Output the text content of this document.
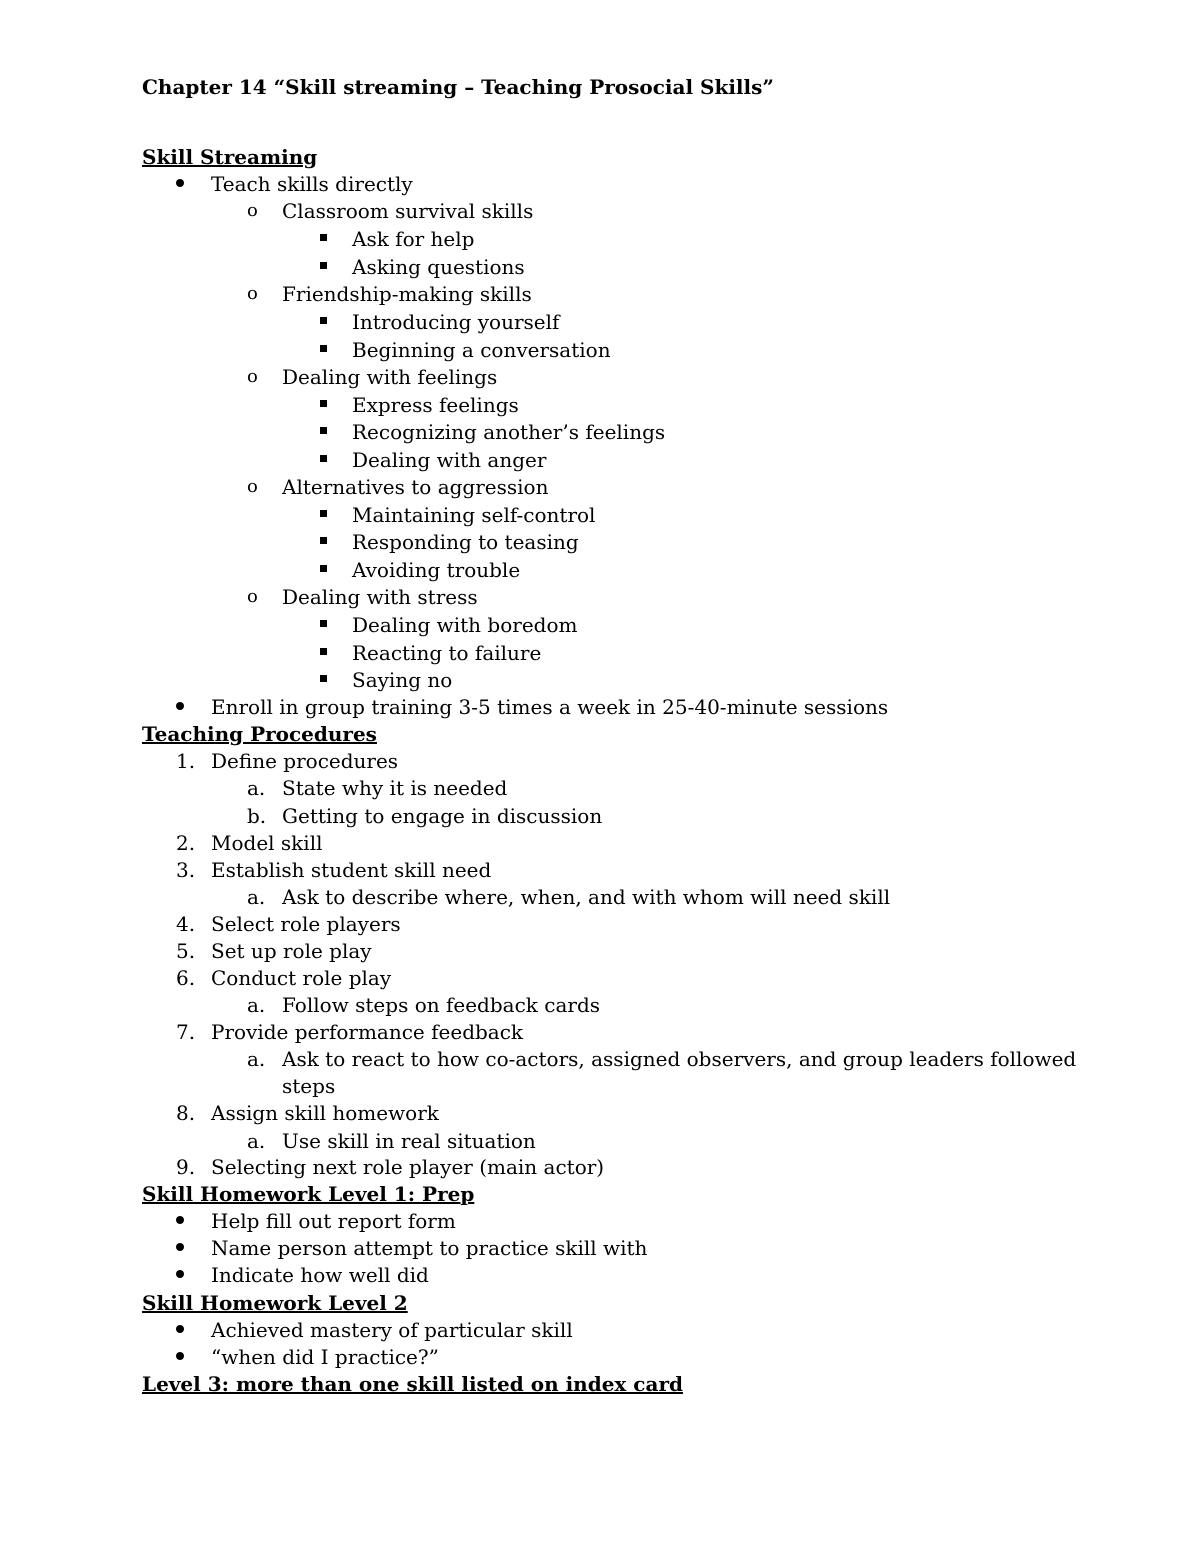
Chapter 14 “Skill streaming – Teaching Prosocial Skills”
Skill Streaming
Teach skills directly
o Classroom survival skills
Ask for help
Asking questions
o Friendship-making skills
Introducing yourself
Beginning a conversation
o Dealing with feelings
Express feelings
Recognizing another’s feelings
Dealing with anger
o Alternatives to aggression
Maintaining self-control
Responding to teasing
Avoiding trouble
o Dealing with stress
Dealing with boredom
Reacting to failure
Saying no
Enroll in group training 3-5 times a week in 25-40-minute sessions
Teaching Procedures
1. Define procedures
a. State why it is needed
b. Getting to engage in discussion
2. Model skill
3. Establish student skill need
a. Ask to describe where, when, and with whom will need skill
4. Select role players
5. Set up role play
6. Conduct role play
a. Follow steps on feedback cards
7. Provide performance feedback
a. Ask to react to how co-actors, assigned observers, and group leaders followed
steps
8. Assign skill homework
a. Use skill in real situation
9. Selecting next role player (main actor)
Skill Homework Level 1: Prep
Help fill out report form
Name person attempt to practice skill with
Indicate how well did
Skill Homework Level 2
Achieved mastery of particular skill
“when did I practice?”
Level 3: more than one skill listed on index card
